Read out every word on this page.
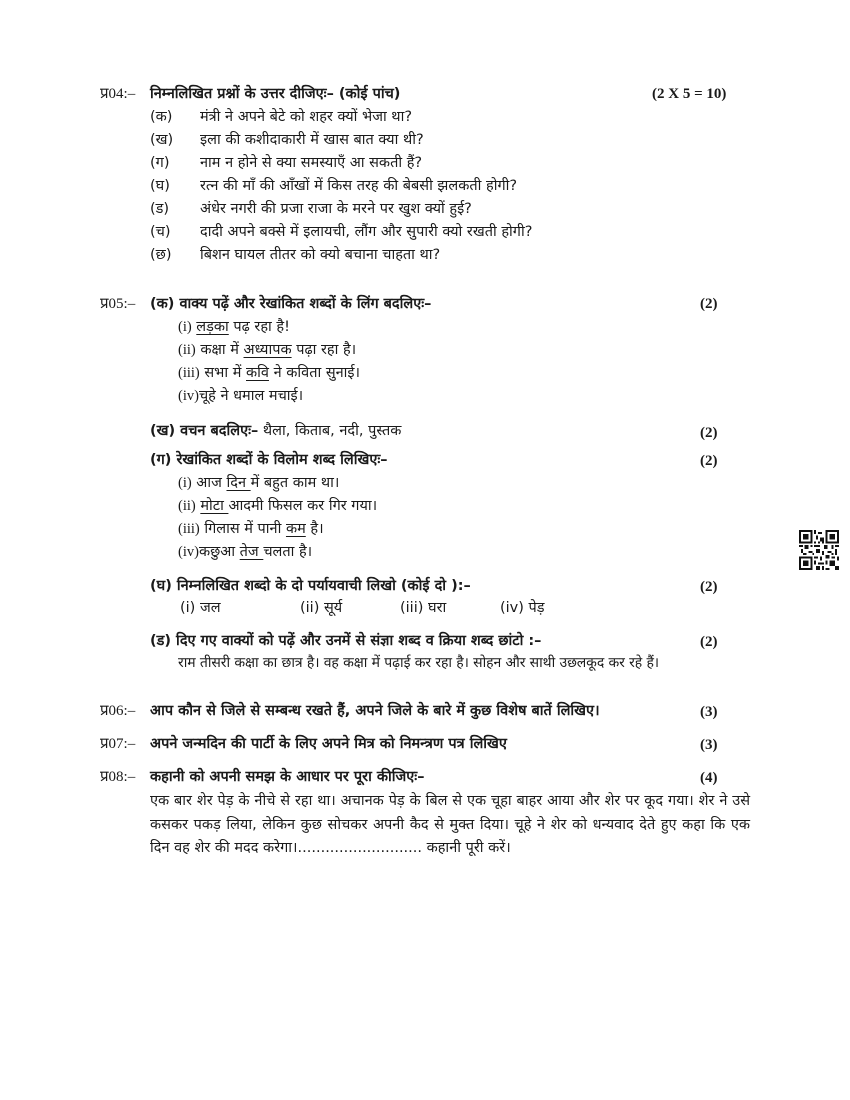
प्र04:– निम्नलिखित प्रश्नों के उत्तर दीजिएः– (कोई पांच)	(2 X 5 = 10)
(क) मंत्री ने अपने बेटे को शहर क्यों भेजा था?
(ख) इला की कशीदाकारी में खास बात क्या थी?
(ग) नाम न होने से क्या समस्याएँ आ सकती हैं?
(घ) रत्न की माँ की आँखों में किस तरह की बेबसी झलकती होगी?
(ड) अंधेर नगरी की प्रजा राजा के मरने पर खुश क्यों हुई?
(च) दादी अपने बक्से में इलायची, लौंग और सुपारी क्यो रखती होगी?
(छ) बिशन घायल तीतर को क्यो बचाना चाहता था?
प्र05:– (क) वाक्य पढ़ें और रेखांकित शब्दों के लिंग बदलिएः–	(2)
(i) लड़का पढ़ रहा है!
(ii) कक्षा में अध्यापक पढ़ा रहा है।
(iii) सभा में कवि ने कविता सुनाई।
(iv)चूहे ने धमाल मचाई।
(ख) वचन बदलिएः– थैला, किताब, नदी, पुस्तक	(2)
(ग) रेखांकित शब्दों के विलोम शब्द लिखिएः–	(2)
(i) आज दिन में बहुत काम था।
(ii) मोटा आदमी फिसल कर गिर गया।
(iii) गिलास में पानी कम है।
(iv)कछुआ तेज चलता है।
(घ) निम्नलिखित शब्दो के दो पर्यायवाची लिखो (कोई दो ):–	(2)
(i) जल	(ii) सूर्य	(iii) घरा	(iv) पेड़
(ड) दिए गए वाक्यों को पढ़ें और उनमें से संज्ञा शब्द व क्रिया शब्द छांटो :–	(2)
राम तीसरी कक्षा का छात्र है। वह कक्षा में पढ़ाई कर रहा है। सोहन और साथी उछलकूद कर रहे हैं।
प्र06:– आप कौन से जिले से सम्बन्ध रखते हैं, अपने जिले के बारे में कुछ विशेष बातें लिखिए।	(3)
प्र07:– अपने जन्मदिन की पार्टी के लिए अपने मित्र को निमन्त्रण पत्र लिखिए	(3)
प्र08:– कहानी को अपनी समझ के आधार पर पूरा कीजिएः–	(4)
एक बार शेर पेड़ के नीचे से रहा था। अचानक पेड़ के बिल से एक चूहा बाहर आया और शेर पर कूद गया। शेर ने उसे कसकर पकड़ लिया, लेकिन कुछ सोचकर अपनी कैद से मुक्त दिया। चूहे ने शेर को धन्यवाद देते हुए कहा कि एक दिन वह शेर की मदद करेगा।........................... कहानी पूरी करें।
